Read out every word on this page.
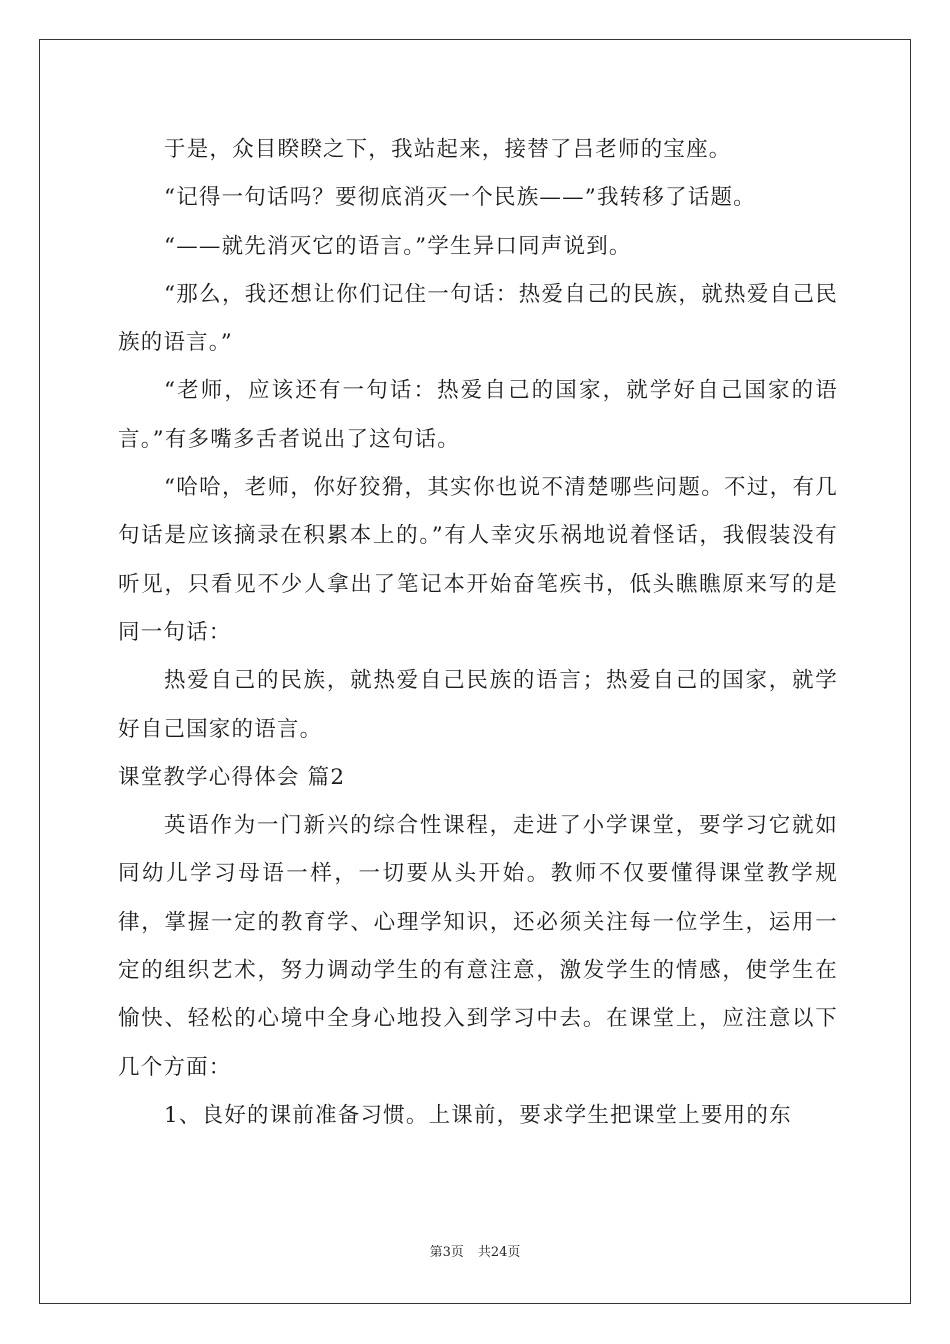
于是，众目睽睽之下，我站起来，接替了吕老师的宝座。

“记得一句话吗？要彻底消灭一个民族——”我转移了话题。

“——就先消灭它的语言。”学生异口同声说到。

“那么，我还想让你们记住一句话：热爱自己的民族，就热爱自己民族的语言。”

“老师，应该还有一句话：热爱自己的国家，就学好自己国家的语言。”有多嘴多舌者说出了这句话。

“哈哈，老师，你好狡猾，其实你也说不清楚哪些问题。不过，有几句话是应该摘录在积累本上的。”有人幸灾乐祸地说着怪话，我假装没有听见，只看见不少人拿出了笔记本开始奋笔疾书，低头瞧瞧原来写的是同一句话：

热爱自己的民族，就热爱自己民族的语言；热爱自己的国家，就学好自己国家的语言。

课堂教学心得体会 篇2

英语作为一门新兴的综合性课程，走进了小学课堂，要学习它就如同幼儿学习母语一样，一切要从头开始。教师不仅要懂得课堂教学规律，掌握一定的教育学、心理学知识，还必须关注每一位学生，运用一定的组织艺术，努力调动学生的有意注意，激发学生的情感，使学生在愉快、轻松的心境中全身心地投入到学习中去。在课堂上，应注意以下几个方面：

1、良好的课前准备习惯。上课前，要求学生把课堂上要用的东

第3页 共24页
